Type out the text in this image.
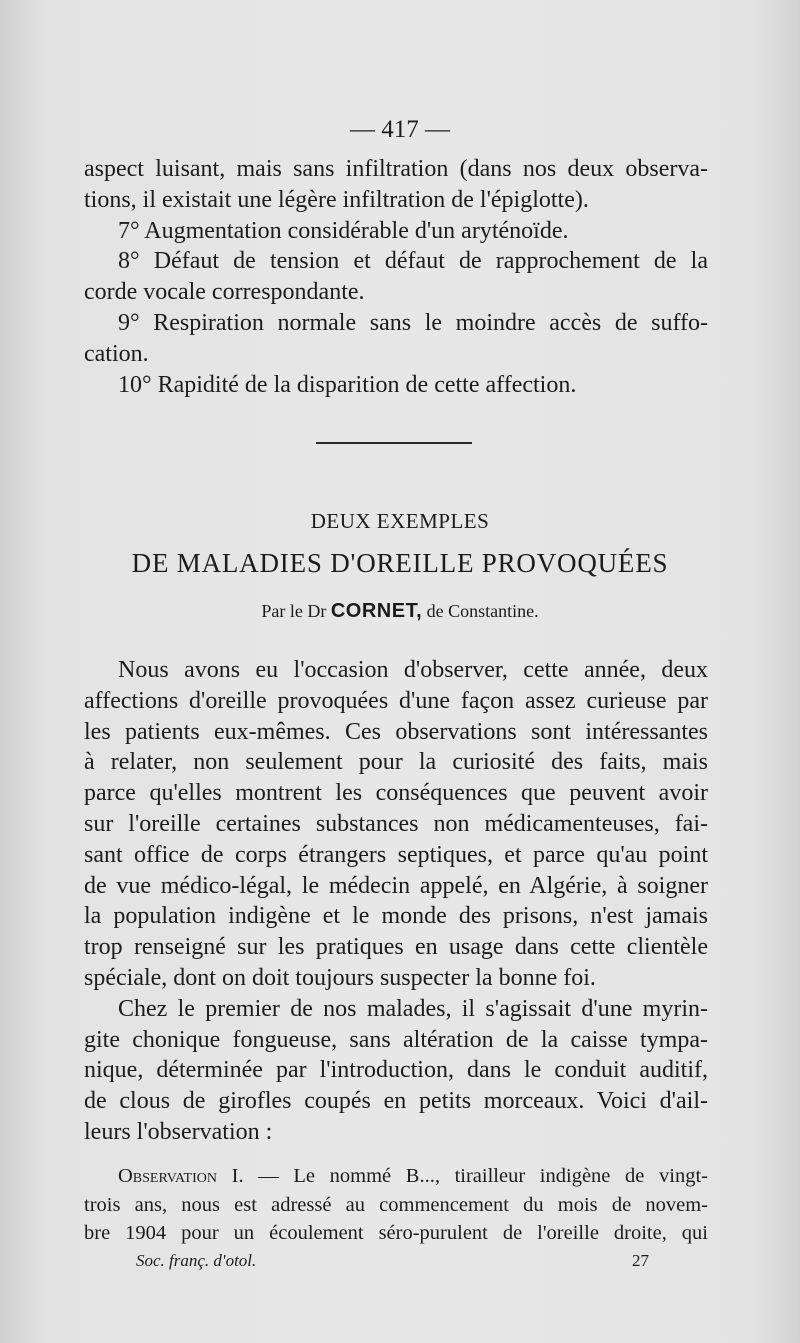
— 417 —
aspect luisant, mais sans infiltration (dans nos deux observa-
tions, il existait une légère infiltration de l'épiglotte).
7° Augmentation considérable d'un aryténoïde.
8° Défaut de tension et défaut de rapprochement de la
corde vocale correspondante.
9° Respiration normale sans le moindre accès de suffo-
cation.
10° Rapidité de la disparition de cette affection.
DEUX EXEMPLES
DE MALADIES D'OREILLE PROVOQUÉES
Par le Dr CORNET, de Constantine.
Nous avons eu l'occasion d'observer, cette année, deux
affections d'oreille provoquées d'une façon assez curieuse par
les patients eux-mêmes. Ces observations sont intéressantes
à relater, non seulement pour la curiosité des faits, mais
parce qu'elles montrent les conséquences que peuvent avoir
sur l'oreille certaines substances non médicamenteuses, fai-
sant office de corps étrangers septiques, et parce qu'au point
de vue médico-légal, le médecin appelé, en Algérie, à soigner
la population indigène et le monde des prisons, n'est jamais
trop renseigné sur les pratiques en usage dans cette clientèle
spéciale, dont on doit toujours suspecter la bonne foi.
Chez le premier de nos malades, il s'agissait d'une myrin-
gite chonique fongueuse, sans altération de la caisse tympa-
nique, déterminée par l'introduction, dans le conduit auditif,
de clous de girofles coupés en petits morceaux. Voici d'ail-
leurs l'observation :
Observation I. — Le nommé B..., tirailleur indigène de vingt-
trois ans, nous est adressé au commencement du mois de novem-
bre 1904 pour un écoulement séro-purulent de l'oreille droite, qui
Soc. franç. d'otol.	27
